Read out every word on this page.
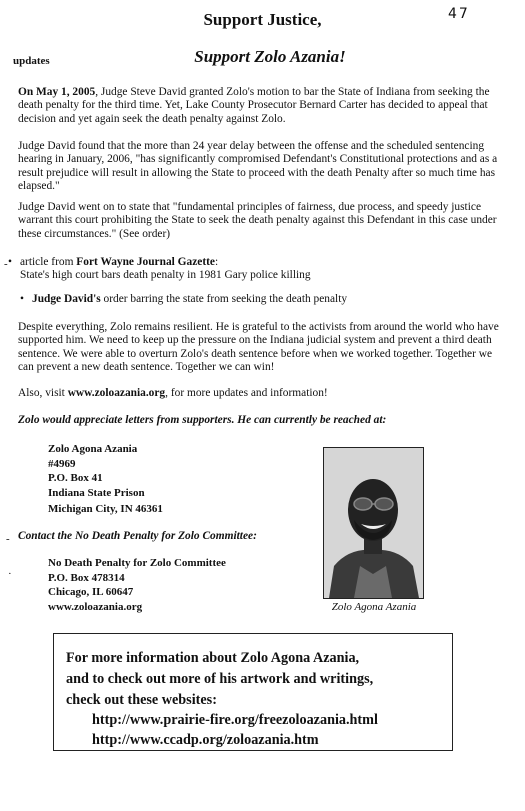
Support Justice,	47
updates	Support Zolo Azania!
On May 1, 2005, Judge Steve David granted Zolo's motion to bar the State of Indiana from seeking the death penalty for the third time. Yet, Lake County Prosecutor Bernard Carter has decided to appeal that decision and yet again seek the death penalty against Zolo.
Judge David found that the more than 24 year delay between the offense and the scheduled sentencing hearing in January, 2006, "has significantly compromised Defendant's Constitutional protections and as a result prejudice will result in allowing the State to proceed with the death Penalty after so much time has elapsed."
Judge David went on to state that "fundamental principles of fairness, due process, and speedy justice warrant this court prohibiting the State to seek the death penalty against this Defendant in this case under these circumstances." (See order)
• article from Fort Wayne Journal Gazette:
State's high court bars death penalty in 1981 Gary police killing
• Judge David's order barring the state from seeking the death penalty
Despite everything, Zolo remains resilient. He is grateful to the activists from around the world who have supported him. We need to keep up the pressure on the Indiana judicial system and prevent a third death sentence. We were able to overturn Zolo's death sentence before when we worked together. Together we can prevent a new death sentence. Together we can win!
Also, visit www.zoloazania.org, for more updates and information!
Zolo would appreciate letters from supporters. He can currently be reached at:
Zolo Agona Azania
#4969
P.O. Box 41
Indiana State Prison
Michigan City, IN 46361
Contact the No Death Penalty for Zolo Committee:
No Death Penalty for Zolo Committee
P.O. Box 478314
Chicago, IL 60647
www.zoloazania.org
-
-
·
Zolo Agona Azania
For more information about Zolo Agona Azania,
and to check out more of his artwork and writings,
check out these websites:
http://www.prairie-fire.org/freezoloazania.html
http://www.ccadp.org/zoloazania.htm
